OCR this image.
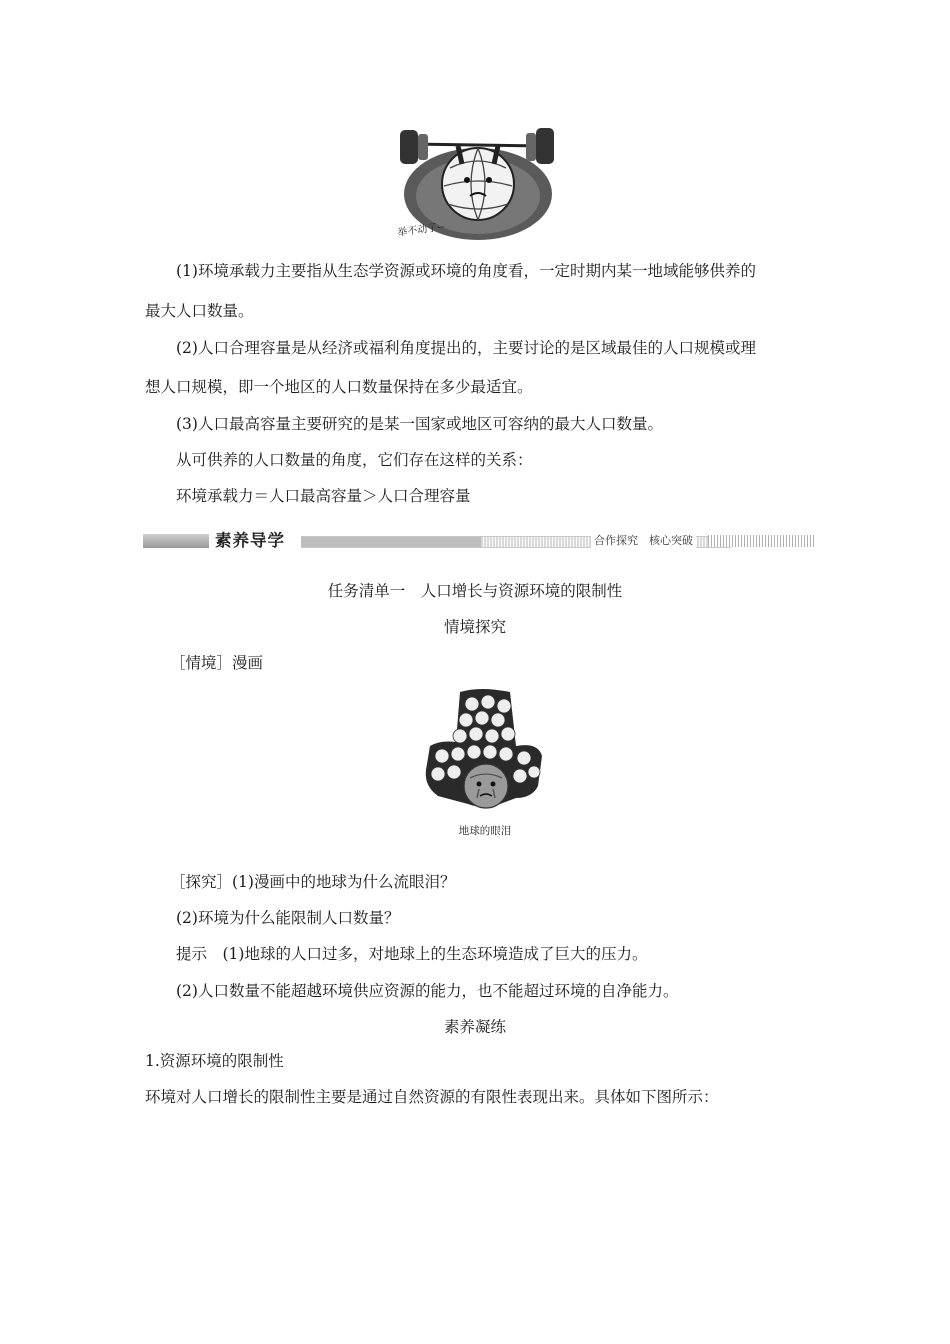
举不动了--
(1)环境承载力主要指从生态学资源或环境的角度看，一定时期内某一地域能够供养的
最大人口数量。
(2)人口合理容量是从经济或福利角度提出的，主要讨论的是区域最佳的人口规模或理
想人口规模，即一个地区的人口数量保持在多少最适宜。
(3)人口最高容量主要研究的是某一国家或地区可容纳的最大人口数量。
从可供养的人口数量的角度，它们存在这样的关系：
环境承载力＝人口最高容量＞人口合理容量
素养导学	合作探究　核心突破
任务清单一　人口增长与资源环境的限制性
情境探究
［情境］漫画
地球的眼泪
［探究］(1)漫画中的地球为什么流眼泪？
(2)环境为什么能限制人口数量？
提示　(1)地球的人口过多，对地球上的生态环境造成了巨大的压力。
(2)人口数量不能超越环境供应资源的能力，也不能超过环境的自净能力。
素养凝练
1.资源环境的限制性
环境对人口增长的限制性主要是通过自然资源的有限性表现出来。具体如下图所示：
